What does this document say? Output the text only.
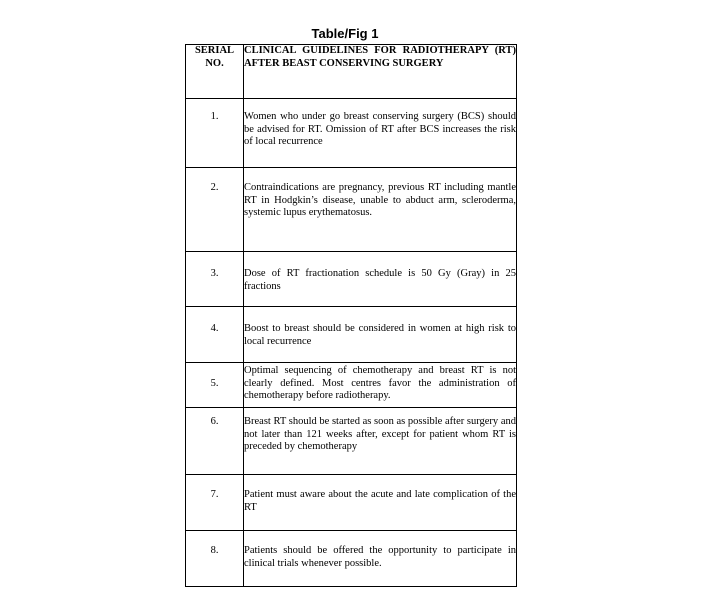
Table/Fig 1
SERIAL NO.	CLINICAL GUIDELINES FOR RADIOTHERAPY (RT) AFTER BEAST CONSERVING SURGERY

1.	Women who under go breast conserving surgery (BCS) should be advised for RT. Omission of RT after BCS increases the risk of local recurrence

2.	Contraindications are pregnancy, previous RT including mantle RT in Hodgkin’s disease, unable to abduct arm, scleroderma, systemic lupus erythematosus.

3.	Dose of RT fractionation schedule is 50 Gy (Gray) in 25 fractions

4.	Boost to breast should be considered in women at high risk to local recurrence

5.	Optimal sequencing of chemotherapy and breast RT is not clearly defined. Most centres favor the administration of chemotherapy before radiotherapy.

6.	Breast RT should be started as soon as possible after surgery and not later than 121 weeks after, except for patient whom RT is preceded by chemotherapy

7.	Patient must aware about the acute and late complication of the RT

8.	Patients should be offered the opportunity to participate in clinical trials whenever possible.
